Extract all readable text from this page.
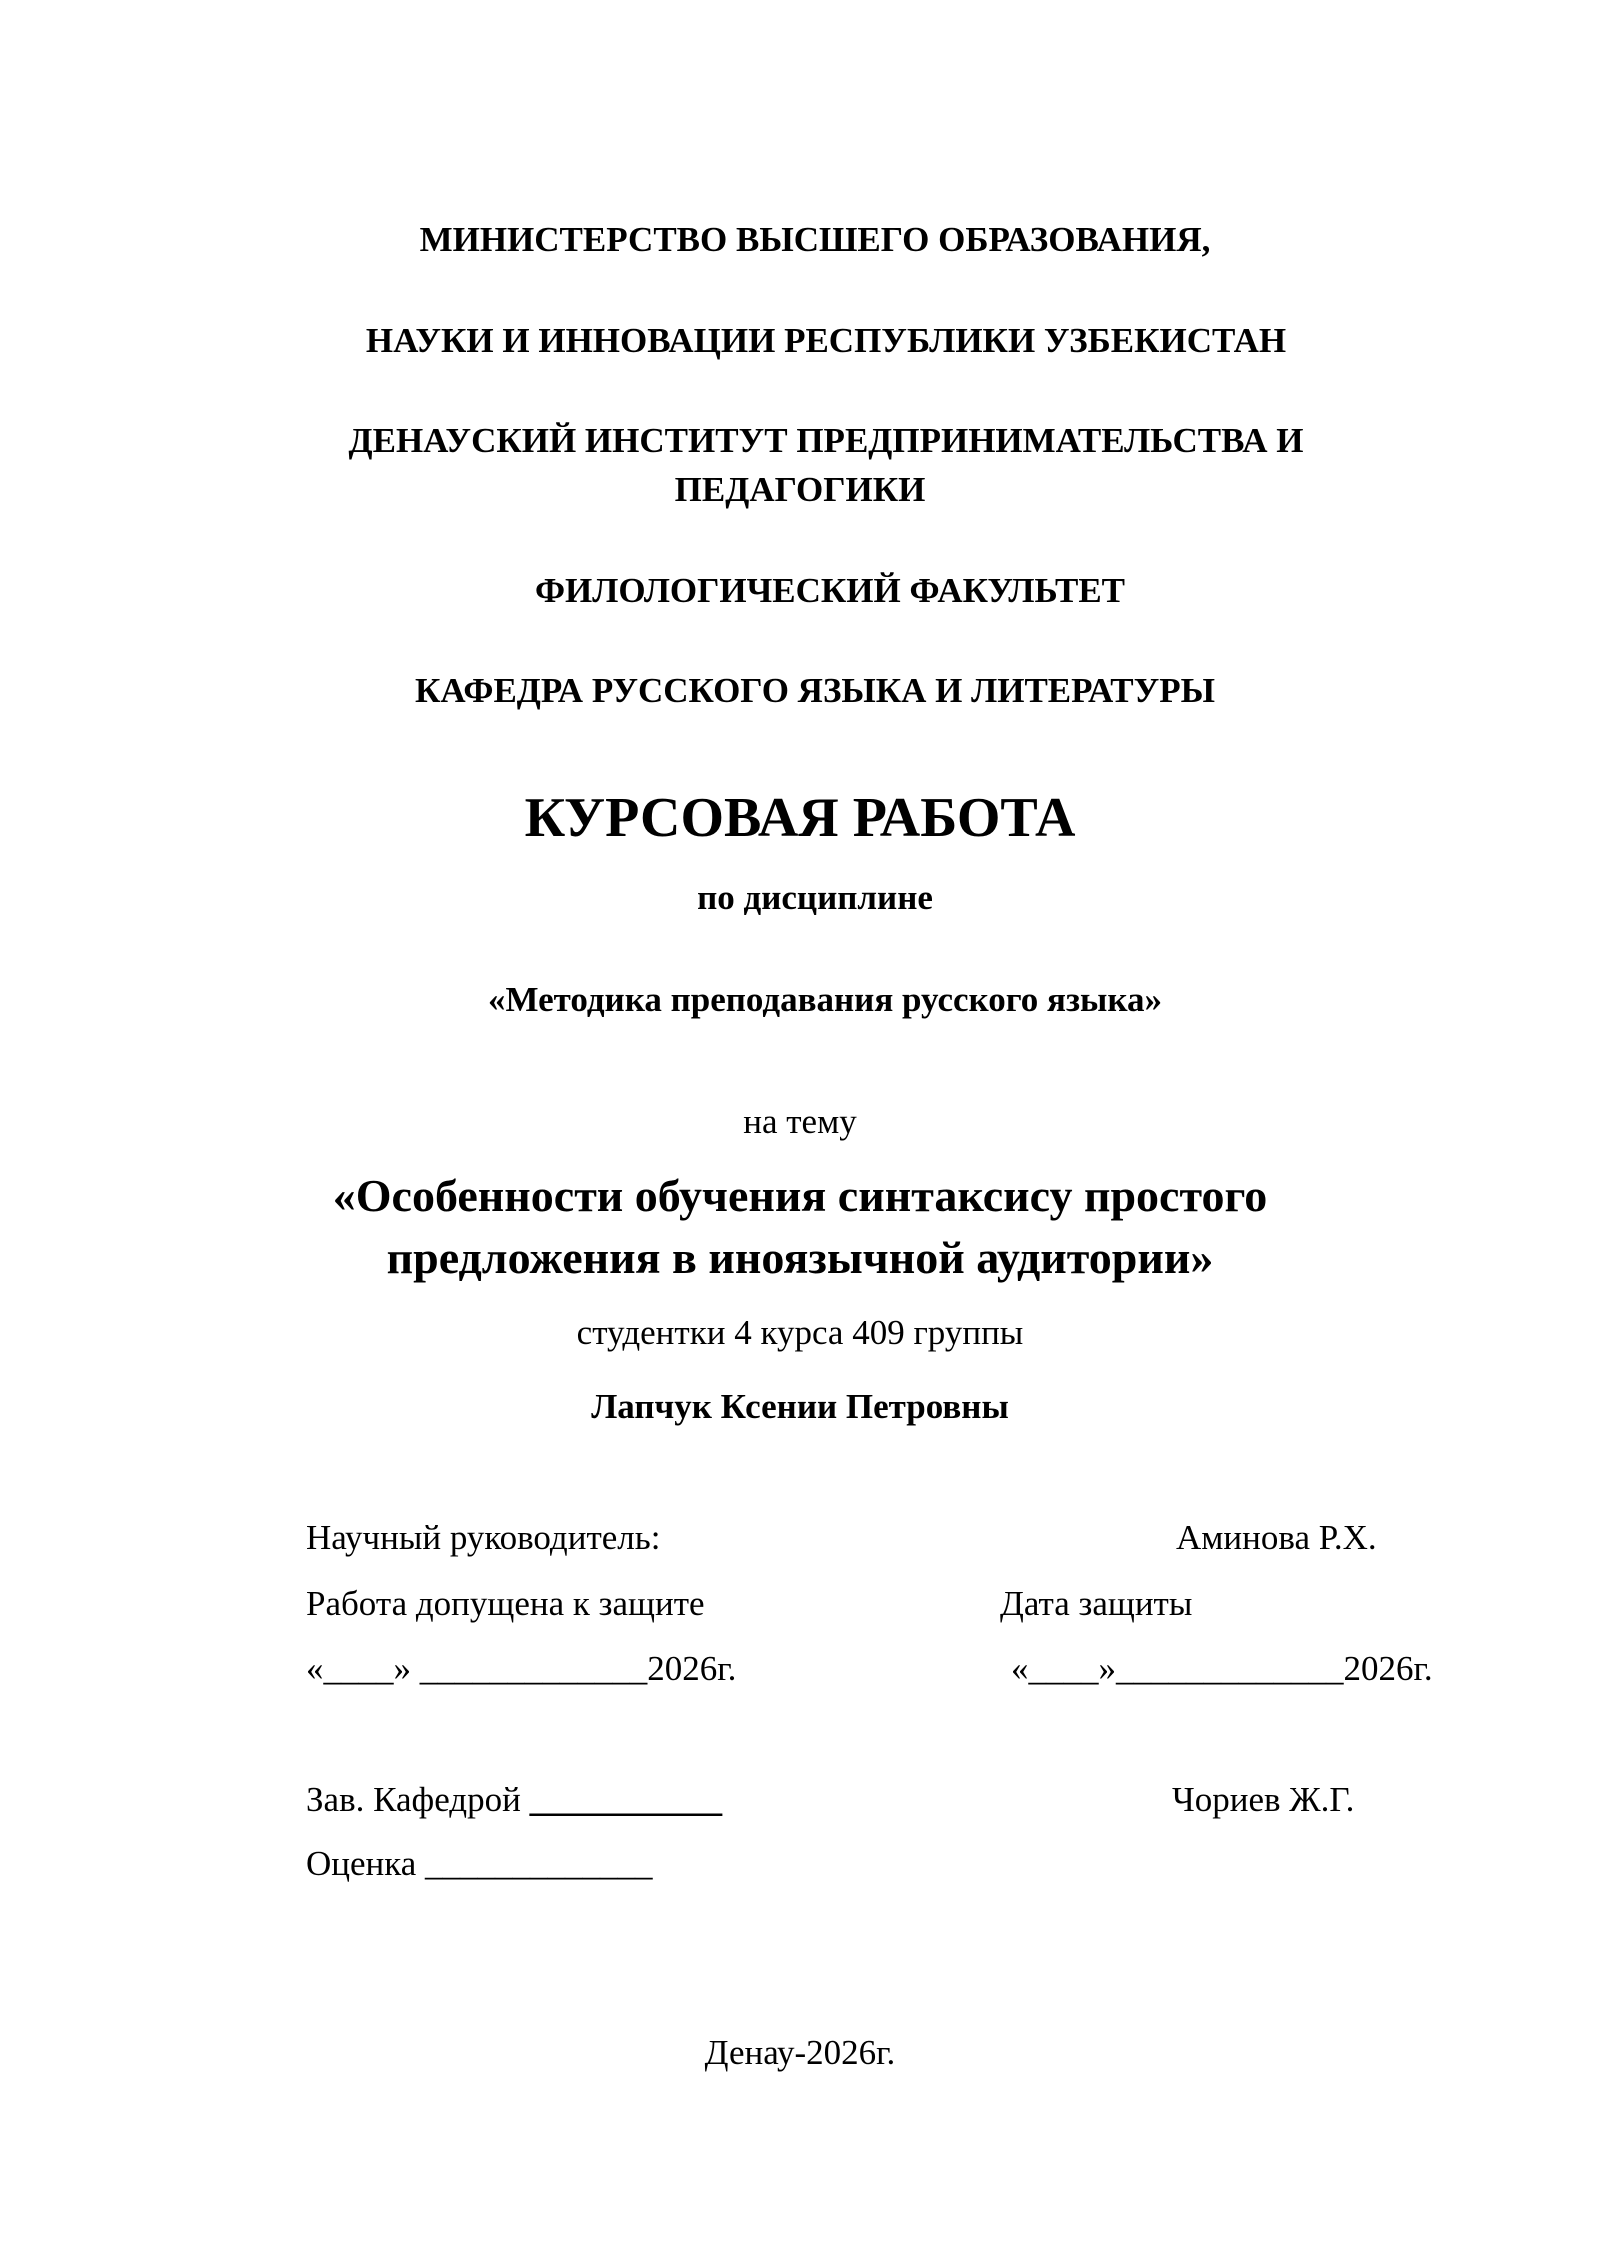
МИНИСТЕРСТВО ВЫСШЕГО ОБРАЗОВАНИЯ,
НАУКИ И ИННОВАЦИИ РЕСПУБЛИКИ УЗБЕКИСТАН
ДЕНАУСКИЙ ИНСТИТУТ ПРЕДПРИНИМАТЕЛЬСТВА И
ПЕДАГОГИКИ
ФИЛОЛОГИЧЕСКИЙ ФАКУЛЬТЕТ
КАФЕДРА РУССКОГО ЯЗЫКА И ЛИТЕРАТУРЫ
КУРСОВАЯ РАБОТА
по дисциплине
«Методика преподавания русского языка»
на тему
«Особенности обучения синтаксису простого
предложения в иноязычной аудитории»
студентки 4 курса 409 группы
Лапчук Ксении Петровны
Научный руководитель:	Аминова Р.Х.
Работа допущена к защите	Дата защиты
«____» _____________2026г.	«____»_____________2026г.
Зав. Кафедрой ___________	Чориев Ж.Г.
Оценка _____________
Денау-2026г.
